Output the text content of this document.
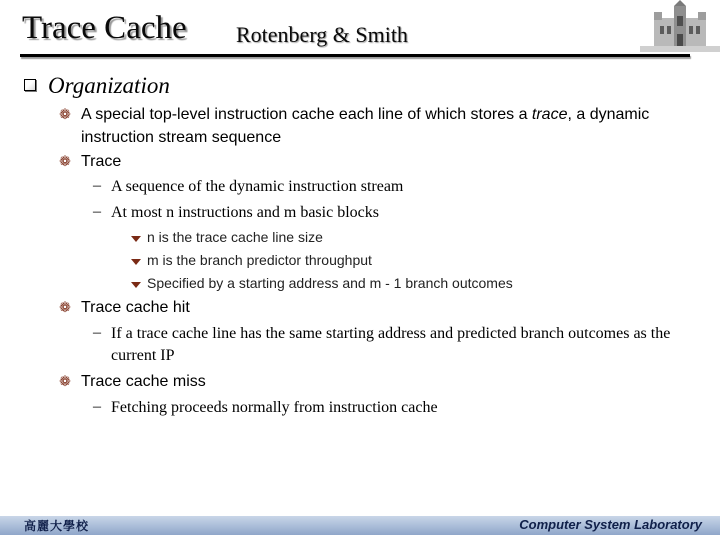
Trace Cache Rotenberg & Smith
Organization
❁ A special top-level instruction cache each line of which stores a trace, a dynamic instruction stream sequence
❁ Trace
– A sequence of the dynamic instruction stream
– At most n instructions and m basic blocks
n is the trace cache line size
m is the branch predictor throughput
Specified by a starting address and m - 1 branch outcomes
❁ Trace cache hit
– If a trace cache line has the same starting address and predicted branch outcomes as the current IP
❁ Trace cache miss
– Fetching proceeds normally from instruction cache
高麗大學校	Computer System Laboratory
